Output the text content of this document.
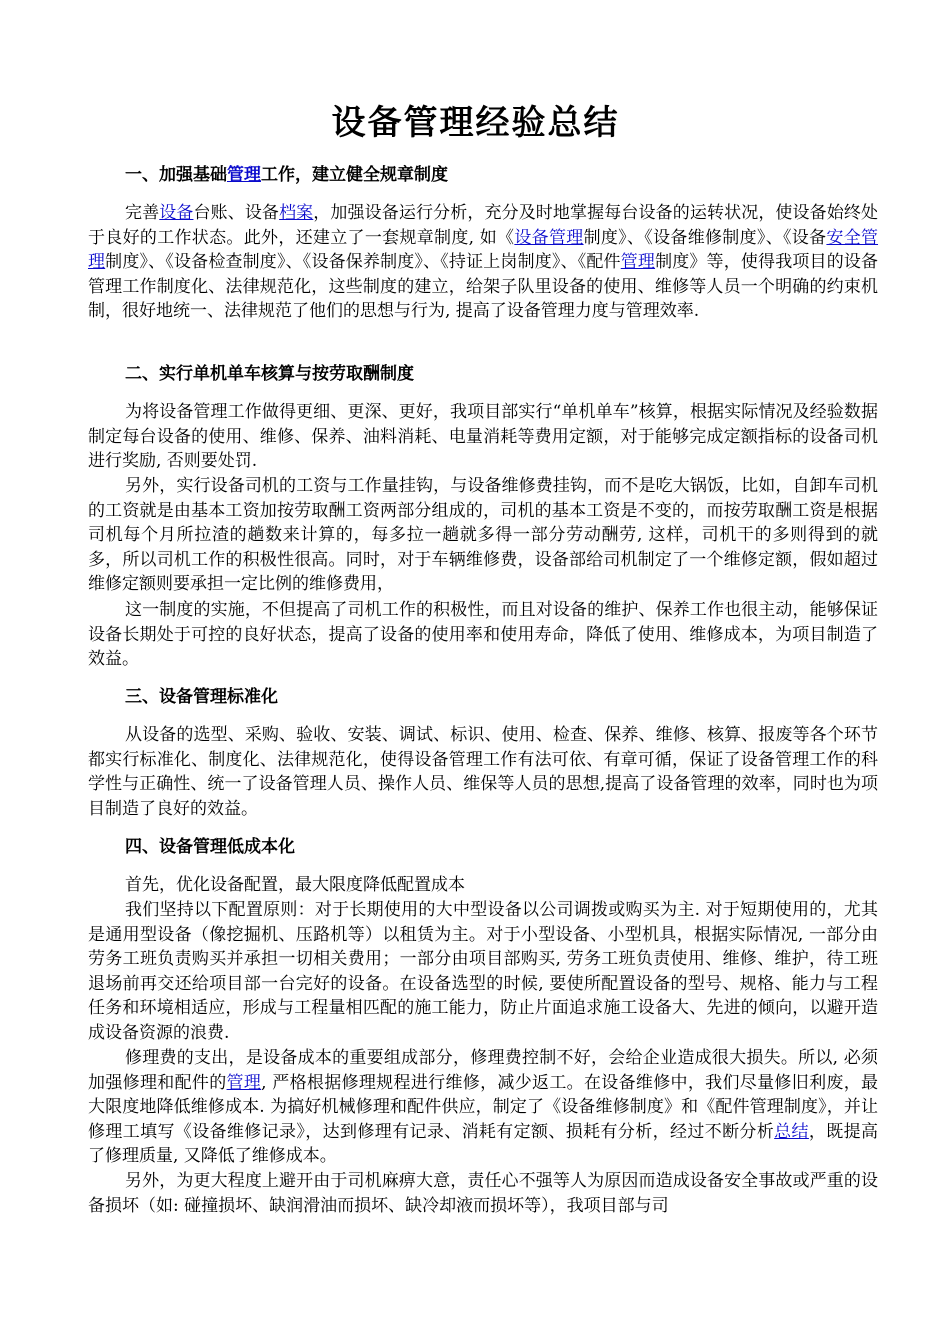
设备管理经验总结
一、加强基础管理工作，建立健全规章制度

完善设备台账、设备档案，加强设备运行分析，充分及时地掌握每台设备的运转状况，使设备始终处于良好的工作状态。此外，还建立了一套规章制度, 如《设备管理制度》、《设备维修制度》、《设备安全管理制度》、《设备检查制度》、《设备保养制度》、《持证上岗制度》、《配件管理制度》等，使得我项目的设备管理工作制度化、法律规范化，这些制度的建立，给架子队里设备的使用、维修等人员一个明确的约束机制，很好地统一、法律规范了他们的思想与行为, 提高了设备管理力度与管理效率.

二、实行单机单车核算与按劳取酬制度

为将设备管理工作做得更细、更深、更好，我项目部实行“单机单车”核算，根据实际情况及经验数据制定每台设备的使用、维修、保养、油料消耗、电量消耗等费用定额，对于能够完成定额指标的设备司机进行奖励, 否则要处罚.

另外，实行设备司机的工资与工作量挂钩，与设备维修费挂钩，而不是吃大锅饭，比如，自卸车司机的工资就是由基本工资加按劳取酬工资两部分组成的，司机的基本工资是不变的，而按劳取酬工资是根据司机每个月所拉渣的趟数来计算的，每多拉一趟就多得一部分劳动酬劳, 这样，司机干的多则得到的就多，所以司机工作的积极性很高。同时，对于车辆维修费，设备部给司机制定了一个维修定额，假如超过维修定额则要承担一定比例的维修费用，

这一制度的实施，不但提高了司机工作的积极性，而且对设备的维护、保养工作也很主动，能够保证设备长期处于可控的良好状态，提高了设备的使用率和使用寿命，降低了使用、维修成本，为项目制造了效益。

三、设备管理标准化

从设备的选型、采购、验收、安装、调试、标识、使用、检查、保养、维修、核算、报废等各个环节都实行标准化、制度化、法律规范化，使得设备管理工作有法可依、有章可循，保证了设备管理工作的科学性与正确性、统一了设备管理人员、操作人员、维保等人员的思想,提高了设备管理的效率，同时也为项目制造了良好的效益。

四、设备管理低成本化

首先，优化设备配置，最大限度降低配置成本

我们坚持以下配置原则：对于长期使用的大中型设备以公司调拨或购买为主. 对于短期使用的，尤其是通用型设备（像挖掘机、压路机等）以租赁为主。对于小型设备、小型机具，根据实际情况, 一部分由劳务工班负责购买并承担一切相关费用；一部分由项目部购买, 劳务工班负责使用、维修、维护，待工班退场前再交还给项目部一台完好的设备。在设备选型的时候, 要使所配置设备的型号、规格、能力与工程任务和环境相适应，形成与工程量相匹配的施工能力，防止片面追求施工设备大、先进的倾向，以避开造成设备资源的浪费.

修理费的支出，是设备成本的重要组成部分，修理费控制不好，会给企业造成很大损失。所以, 必须加强修理和配件的管理, 严格根据修理规程进行维修，减少返工。在设备维修中，我们尽量修旧利废，最大限度地降低维修成本. 为搞好机械修理和配件供应，制定了《设备维修制度》和《配件管理制度》，并让修理工填写《设备维修记录》，达到修理有记录、消耗有定额、损耗有分析，经过不断分析总结，既提高了修理质量, 又降低了维修成本。

另外，为更大程度上避开由于司机麻痹大意，责任心不强等人为原因而造成设备安全事故或严重的设备损坏（如: 碰撞损坏、缺润滑油而损坏、缺冷却液而损坏等），我项目部与司
